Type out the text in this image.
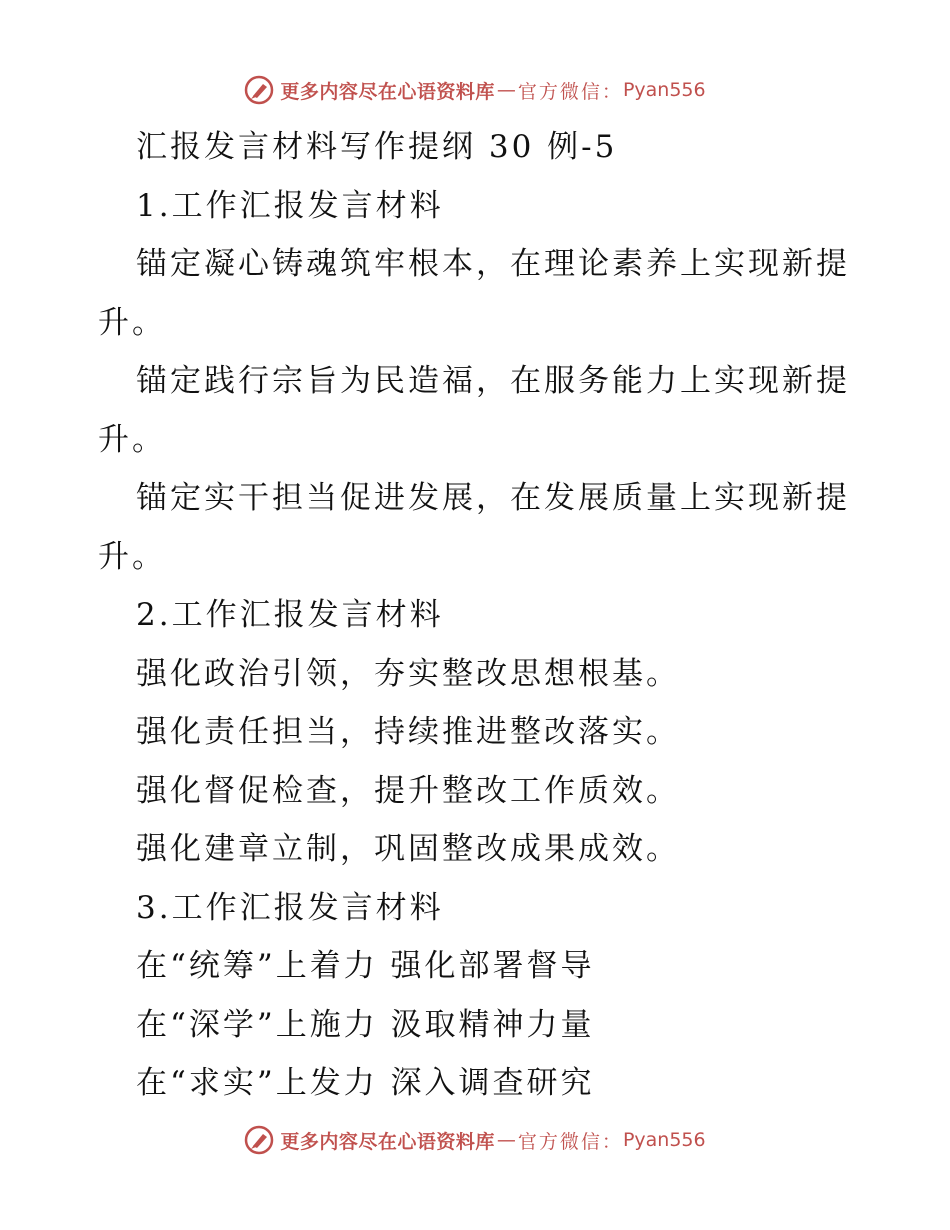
更多内容尽在心语资料库 — 官方微信： Pyan556
汇报发言材料写作提纲 30 例-5
1.工作汇报发言材料
锚定凝心铸魂筑牢根本，在理论素养上实现新提
升。
锚定践行宗旨为民造福，在服务能力上实现新提
升。
锚定实干担当促进发展，在发展质量上实现新提
升。
2.工作汇报发言材料
强化政治引领，夯实整改思想根基。
强化责任担当，持续推进整改落实。
强化督促检查，提升整改工作质效。
强化建章立制，巩固整改成果成效。
3.工作汇报发言材料
在“统筹”上着力 强化部署督导
在“深学”上施力 汲取精神力量
在“求实”上发力 深入调查研究
更多内容尽在心语资料库 — 官方微信： Pyan556
